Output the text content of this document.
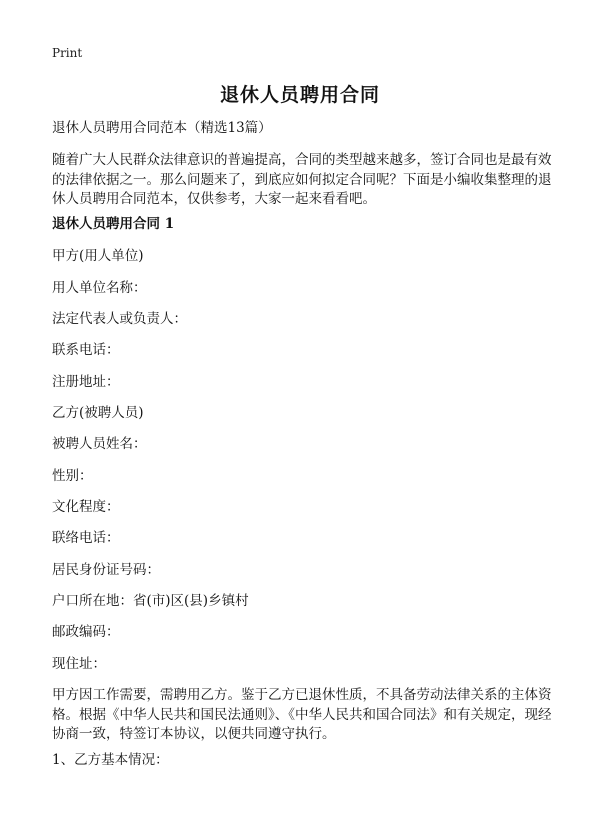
Print
退休人员聘用合同
退休人员聘用合同范本（精选13篇）
随着广大人民群众法律意识的普遍提高，合同的类型越来越多，签订合同也是最有效的法律依据之一。那么问题来了，到底应如何拟定合同呢？下面是小编收集整理的退休人员聘用合同范本，仅供参考，大家一起来看看吧。
退休人员聘用合同 1
甲方(用人单位)
用人单位名称：
法定代表人或负责人：
联系电话：
注册地址：
乙方(被聘人员)
被聘人员姓名：
性别：
文化程度：
联络电话：
居民身份证号码：
户口所在地：省(市)区(县)乡镇村
邮政编码：
现住址：
甲方因工作需要，需聘用乙方。鉴于乙方已退休性质，不具备劳动法律关系的主体资格。根据《中华人民共和国民法通则》、《中华人民共和国合同法》和有关规定，现经协商一致，特签订本协议，以便共同遵守执行。
1、乙方基本情况：
